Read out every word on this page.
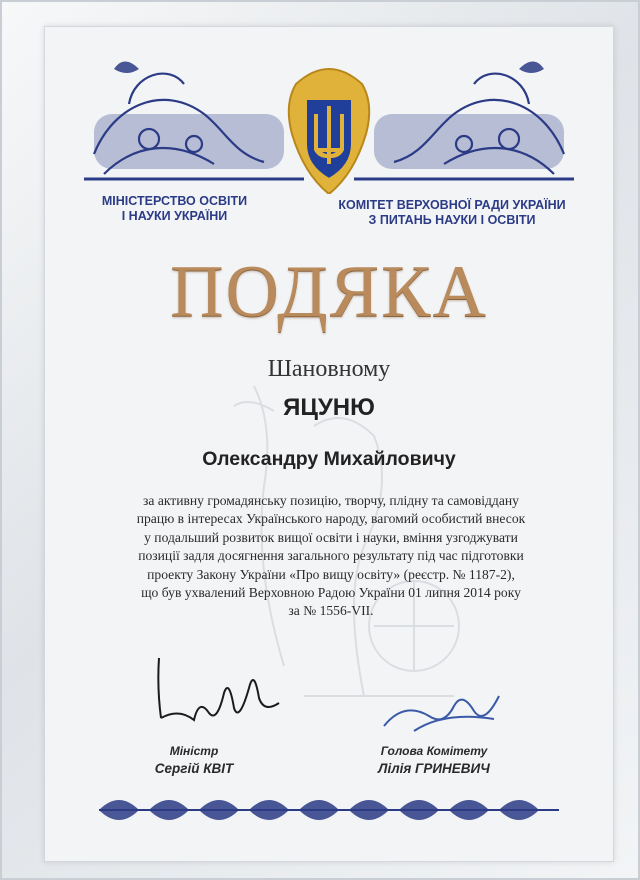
МІНІСТЕРСТВО ОСВІТИ
І НАУКИ УКРАЇНИ
КОМІТЕТ ВЕРХОВНОЇ РАДИ УКРАЇНИ
З ПИТАНЬ НАУКИ І ОСВІТИ
ПОДЯКА
Шановному
ЯЦУНЮ
Олександру Михайловичу
за активну громадянську позицію, творчу, плідну та самовіддану
працю в інтересах Українського народу, вагомий особистий внесок
у подальший розвиток вищої освіти і науки, вміння узгоджувати
позиції задля досягнення загального результату під час підготовки
проекту Закону України «Про вищу освіту» (реєстр. № 1187-2),
що був ухвалений Верховною Радою України 01 липня 2014 року
за № 1556-VII.
Міністр
Сергій КВІТ
Голова Комітету
Лілія ГРИНЕВИЧ
